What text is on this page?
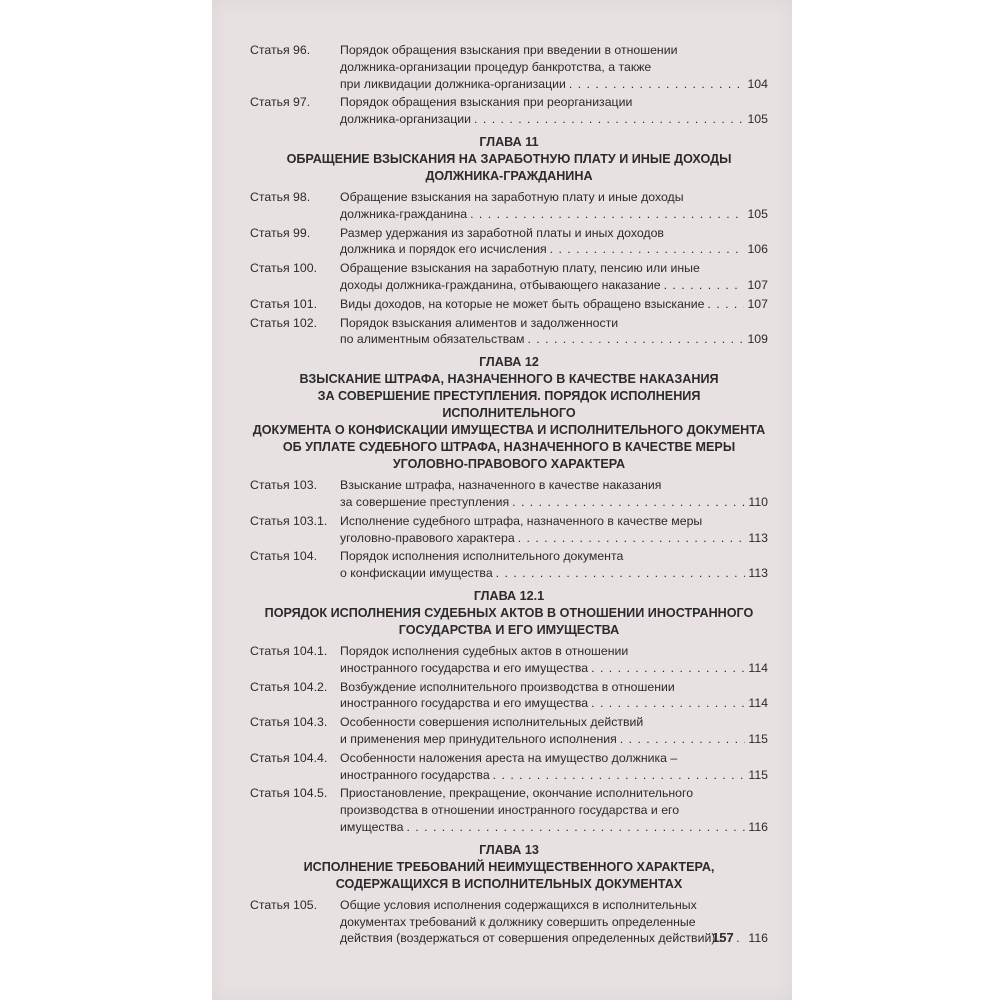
Статья 96.	Порядок обращения взыскания при введении в отношении
должника-организации процедур банкротства, а также
при ликвидации должника-организации . . .	104
Статья 97.	Порядок обращения взыскания при реорганизации
должника-организации . . .	105
ГЛАВА 11
ОБРАЩЕНИЕ ВЗЫСКАНИЯ НА ЗАРАБОТНУЮ ПЛАТУ И ИНЫЕ ДОХОДЫ
ДОЛЖНИКА-ГРАЖДАНИНА
Статья 98.	Обращение взыскания на заработную плату и иные доходы
должника-гражданина . . .	105
Статья 99.	Размер удержания из заработной платы и иных доходов
должника и порядок его исчисления . . .	106
Статья 100.	Обращение взыскания на заработную плату, пенсию или иные
доходы должника-гражданина, отбывающего наказание . . .	107
Статья 101.	Виды доходов, на которые не может быть обращено взыскание . . .	107
Статья 102.	Порядок взыскания алиментов и задолженности
по алиментным обязательствам . . .	109
ГЛАВА 12
ВЗЫСКАНИЕ ШТРАФА, НАЗНАЧЕННОГО В КАЧЕСТВЕ НАКАЗАНИЯ
ЗА СОВЕРШЕНИЕ ПРЕСТУПЛЕНИЯ. ПОРЯДОК ИСПОЛНЕНИЯ ИСПОЛНИТЕЛЬНОГО
ДОКУМЕНТА О КОНФИСКАЦИИ ИМУЩЕСТВА И ИСПОЛНИТЕЛЬНОГО ДОКУМЕНТА
ОБ УПЛАТЕ СУДЕБНОГО ШТРАФА, НАЗНАЧЕННОГО В КАЧЕСТВЕ МЕРЫ
УГОЛОВНО-ПРАВОВОГО ХАРАКТЕРА
Статья 103.	Взыскание штрафа, назначенного в качестве наказания
за совершение преступления . . .	110
Статья 103.1.	Исполнение судебного штрафа, назначенного в качестве меры
уголовно-правового характера . . .	113
Статья 104.	Порядок исполнения исполнительного документа
о конфискации имущества . . .	113
ГЛАВА 12.1
ПОРЯДОК ИСПОЛНЕНИЯ СУДЕБНЫХ АКТОВ В ОТНОШЕНИИ ИНОСТРАННОГО
ГОСУДАРСТВА И ЕГО ИМУЩЕСТВА
Статья 104.1.	Порядок исполнения судебных актов в отношении
иностранного государства и его имущества . . .	114
Статья 104.2.	Возбуждение исполнительного производства в отношении
иностранного государства и его имущества . . .	114
Статья 104.3.	Особенности совершения исполнительных действий
и применения мер принудительного исполнения . . .	115
Статья 104.4.	Особенности наложения ареста на имущество должника –
иностранного государства . . .	115
Статья 104.5.	Приостановление, прекращение, окончание исполнительного
производства в отношении иностранного государства и его
имущества . . .	116
ГЛАВА 13
ИСПОЛНЕНИЕ ТРЕБОВАНИЙ НЕИМУЩЕСТВЕННОГО ХАРАКТЕРА,
СОДЕРЖАЩИХСЯ В ИСПОЛНИТЕЛЬНЫХ ДОКУМЕНТАХ
Статья 105.	Общие условия исполнения содержащихся в исполнительных
документах требований к должнику совершить определенные
действия (воздержаться от совершения определенных действий) . . .	116
157
